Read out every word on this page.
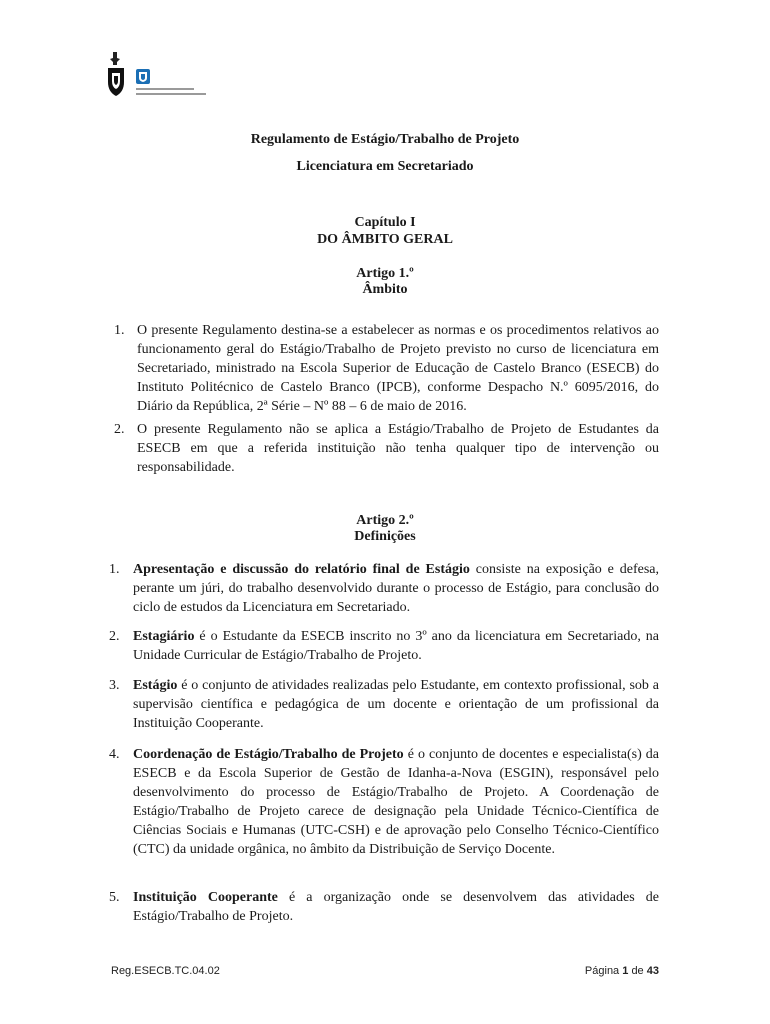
Regulamento de Estágio/Trabalho de Projeto
Licenciatura em Secretariado
Capítulo I
DO ÂMBITO GERAL
Artigo 1.º
Âmbito
1. O presente Regulamento destina-se a estabelecer as normas e os procedimentos relativos ao funcionamento geral do Estágio/Trabalho de Projeto previsto no curso de licenciatura em Secretariado, ministrado na Escola Superior de Educação de Castelo Branco (ESECB) do Instituto Politécnico de Castelo Branco (IPCB), conforme Despacho N.º 6095/2016, do Diário da República, 2ª Série – Nº 88 – 6 de maio de 2016.
2. O presente Regulamento não se aplica a Estágio/Trabalho de Projeto de Estudantes da ESECB em que a referida instituição não tenha qualquer tipo de intervenção ou responsabilidade.
Artigo 2.º
Definições
1. Apresentação e discussão do relatório final de Estágio consiste na exposição e defesa, perante um júri, do trabalho desenvolvido durante o processo de Estágio, para conclusão do ciclo de estudos da Licenciatura em Secretariado.
2. Estagiário é o Estudante da ESECB inscrito no 3º ano da licenciatura em Secretariado, na Unidade Curricular de Estágio/Trabalho de Projeto.
3. Estágio é o conjunto de atividades realizadas pelo Estudante, em contexto profissional, sob a supervisão científica e pedagógica de um docente e orientação de um profissional da Instituição Cooperante.
4. Coordenação de Estágio/Trabalho de Projeto é o conjunto de docentes e especialista(s) da ESECB e da Escola Superior de Gestão de Idanha-a-Nova (ESGIN), responsável pelo desenvolvimento do processo de Estágio/Trabalho de Projeto. A Coordenação de Estágio/Trabalho de Projeto carece de designação pela Unidade Técnico-Científica de Ciências Sociais e Humanas (UTC-CSH) e de aprovação pelo Conselho Técnico-Científico (CTC) da unidade orgânica, no âmbito da Distribuição de Serviço Docente.
5. Instituição Cooperante é a organização onde se desenvolvem das atividades de Estágio/Trabalho de Projeto.
Reg.ESECB.TC.04.02	Página 1 de 43
